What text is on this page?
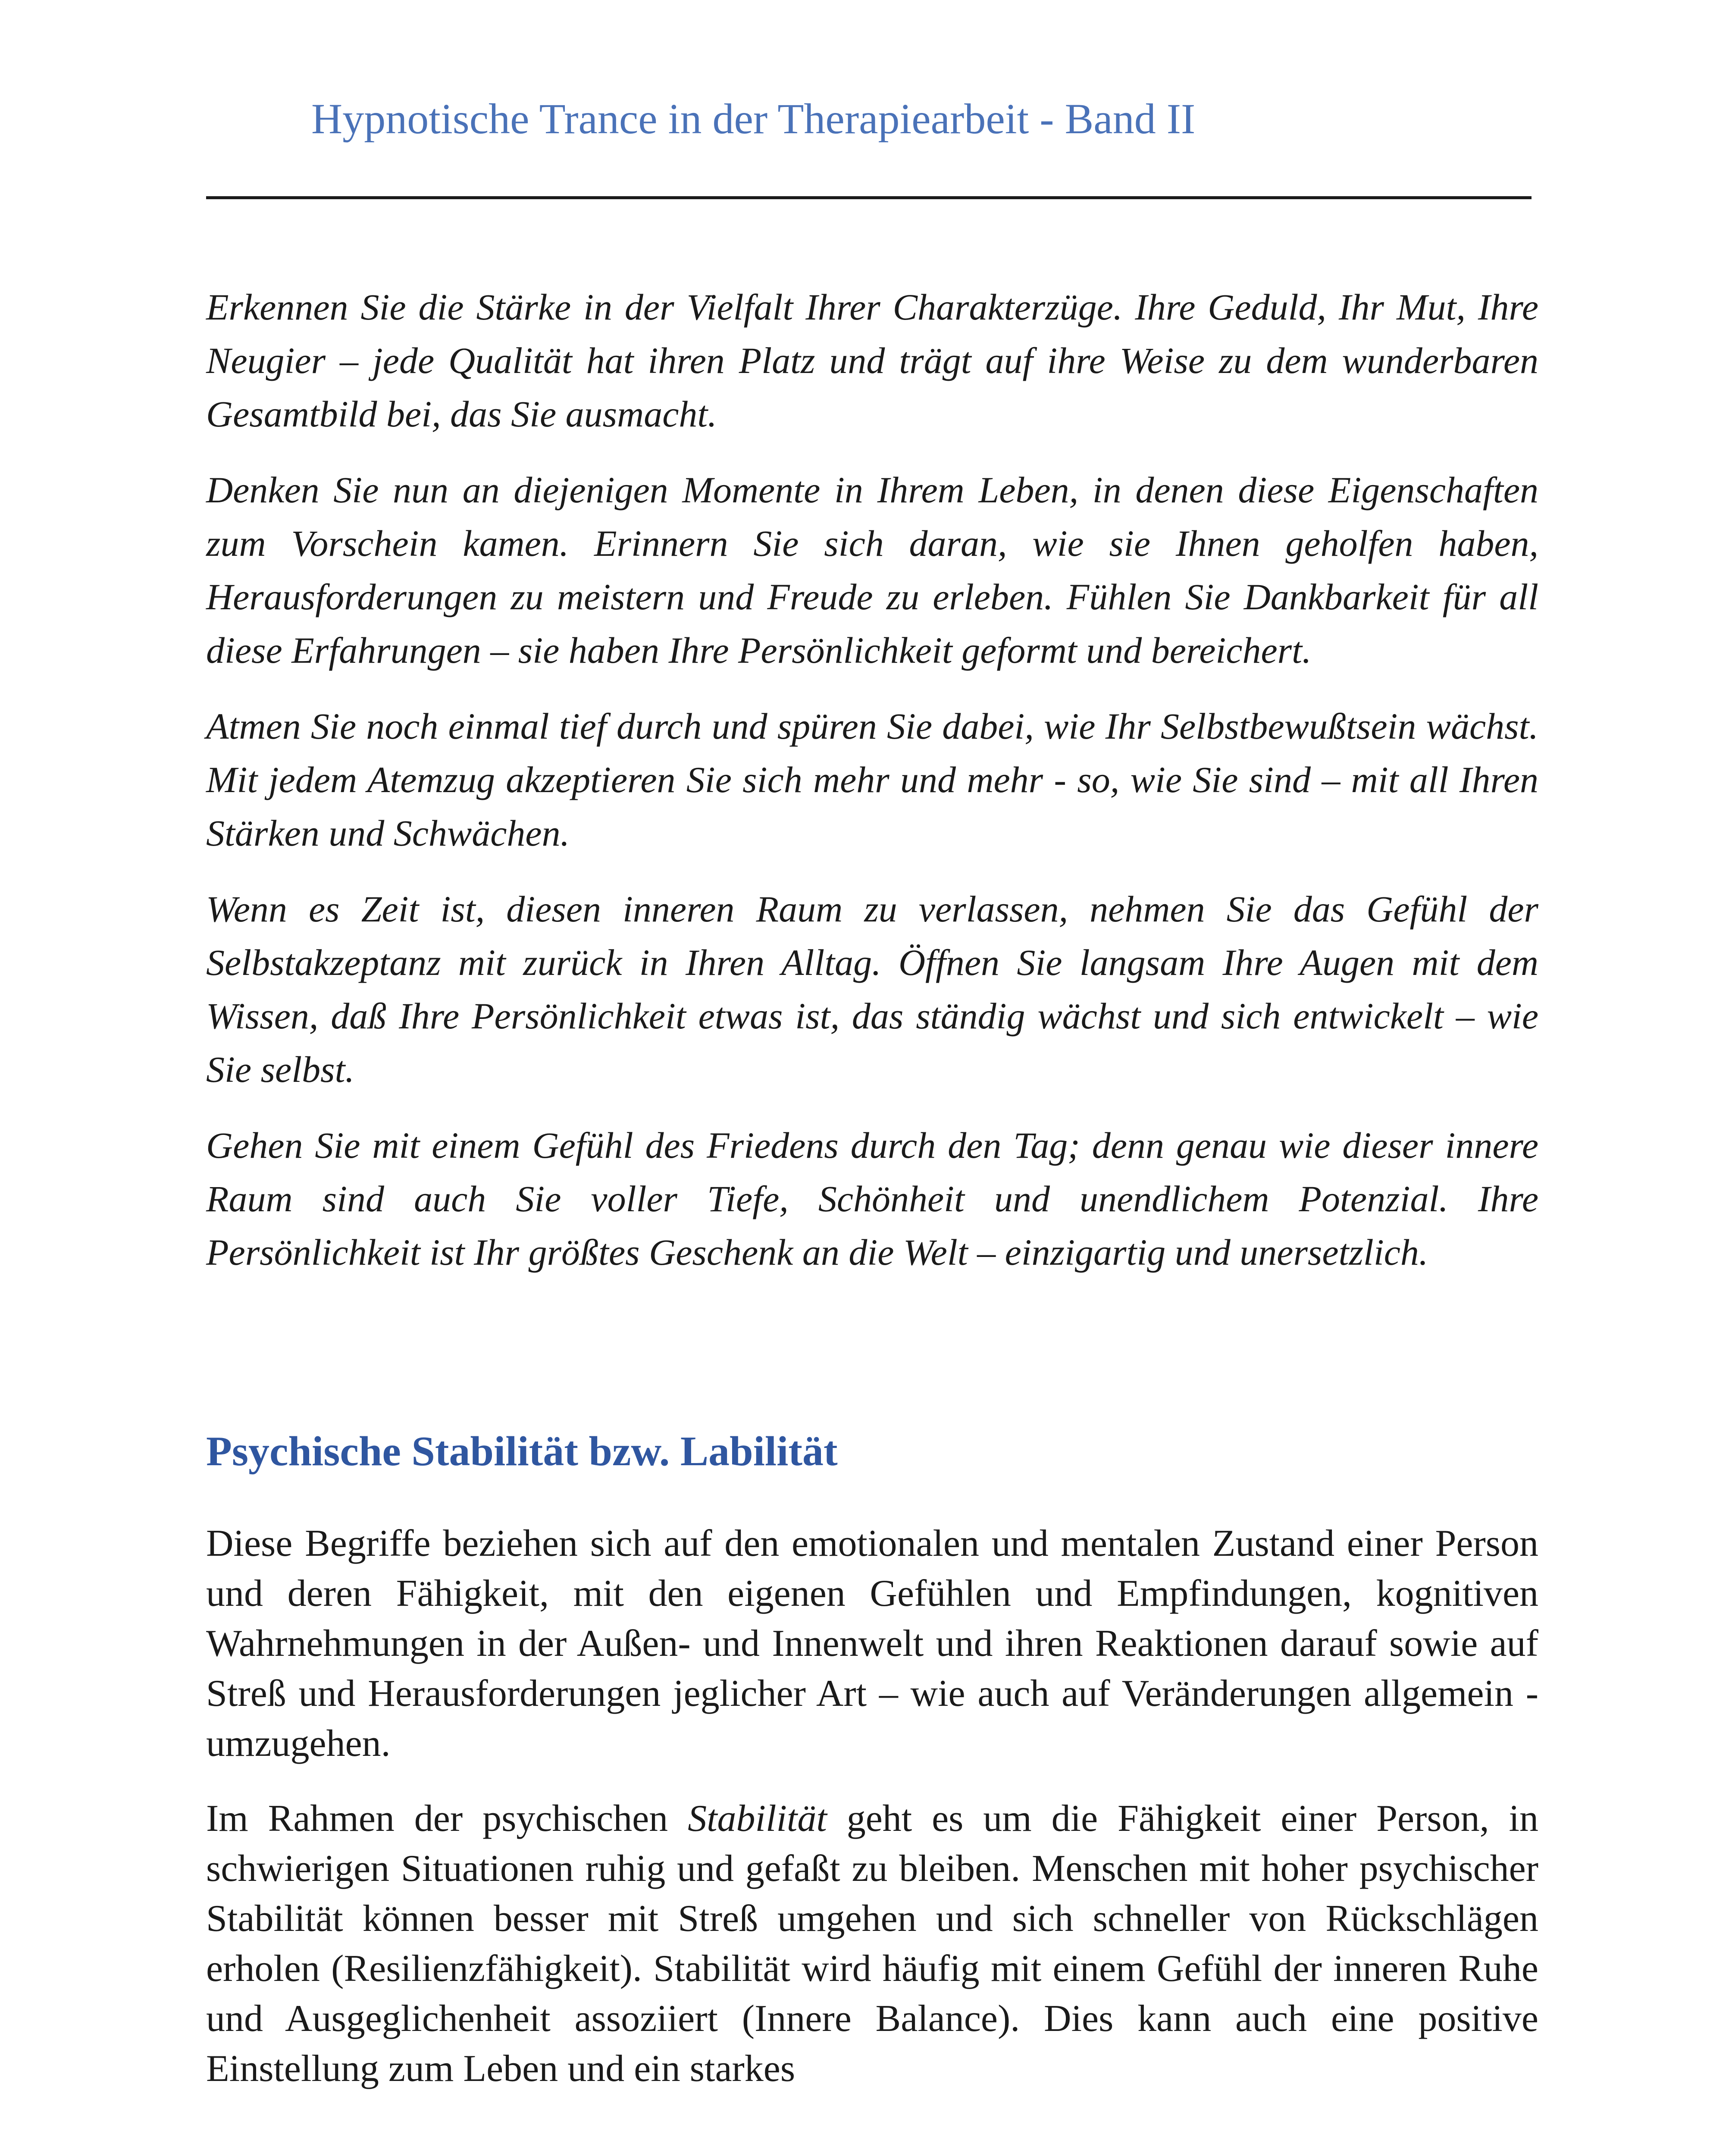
Hypnotische Trance in der Therapiearbeit - Band II

Erkennen Sie die Stärke in der Vielfalt Ihrer Charakterzüge. Ihre Geduld, Ihr Mut, Ihre Neugier – jede Qualität hat ihren Platz und trägt auf ihre Weise zu dem wunderbaren Gesamtbild bei, das Sie ausmacht.

Denken Sie nun an diejenigen Momente in Ihrem Leben, in denen diese Eigenschaften zum Vorschein kamen. Erinnern Sie sich daran, wie sie Ihnen geholfen haben, Herausforderungen zu meistern und Freude zu erleben. Fühlen Sie Dankbarkeit für all diese Erfahrungen – sie haben Ihre Persönlichkeit geformt und bereichert.

Atmen Sie noch einmal tief durch und spüren Sie dabei, wie Ihr Selbstbewußtsein wächst. Mit jedem Atemzug akzeptieren Sie sich mehr und mehr - so, wie Sie sind – mit all Ihren Stärken und Schwächen.

Wenn es Zeit ist, diesen inneren Raum zu verlassen, nehmen Sie das Gefühl der Selbstakzeptanz mit zurück in Ihren Alltag. Öffnen Sie langsam Ihre Augen mit dem Wissen, daß Ihre Persönlichkeit etwas ist, das ständig wächst und sich entwickelt – wie Sie selbst.

Gehen Sie mit einem Gefühl des Friedens durch den Tag; denn genau wie dieser innere Raum sind auch Sie voller Tiefe, Schönheit und unendlichem Potenzial. Ihre Persönlichkeit ist Ihr größtes Geschenk an die Welt – einzigartig und unersetzlich.

Psychische Stabilität bzw. Labilität

Diese Begriffe beziehen sich auf den emotionalen und mentalen Zustand einer Person und deren Fähigkeit, mit den eigenen Gefühlen und Empfindungen, kognitiven Wahrnehmungen in der Außen- und Innenwelt und ihren Reaktionen darauf sowie auf Streß und Herausforderungen jeglicher Art – wie auch auf Veränderungen allgemein - umzugehen.

Im Rahmen der psychischen Stabilität geht es um die Fähigkeit einer Person, in schwierigen Situationen ruhig und gefaßt zu bleiben. Menschen mit hoher psychischer Stabilität können besser mit Streß umgehen und sich schneller von Rückschlägen erholen (Resilienzfähigkeit). Stabilität wird häufig mit einem Gefühl der inneren Ruhe und Ausgeglichenheit assoziiert (Innere Balance). Dies kann auch eine positive Einstellung zum Leben und ein starkes
